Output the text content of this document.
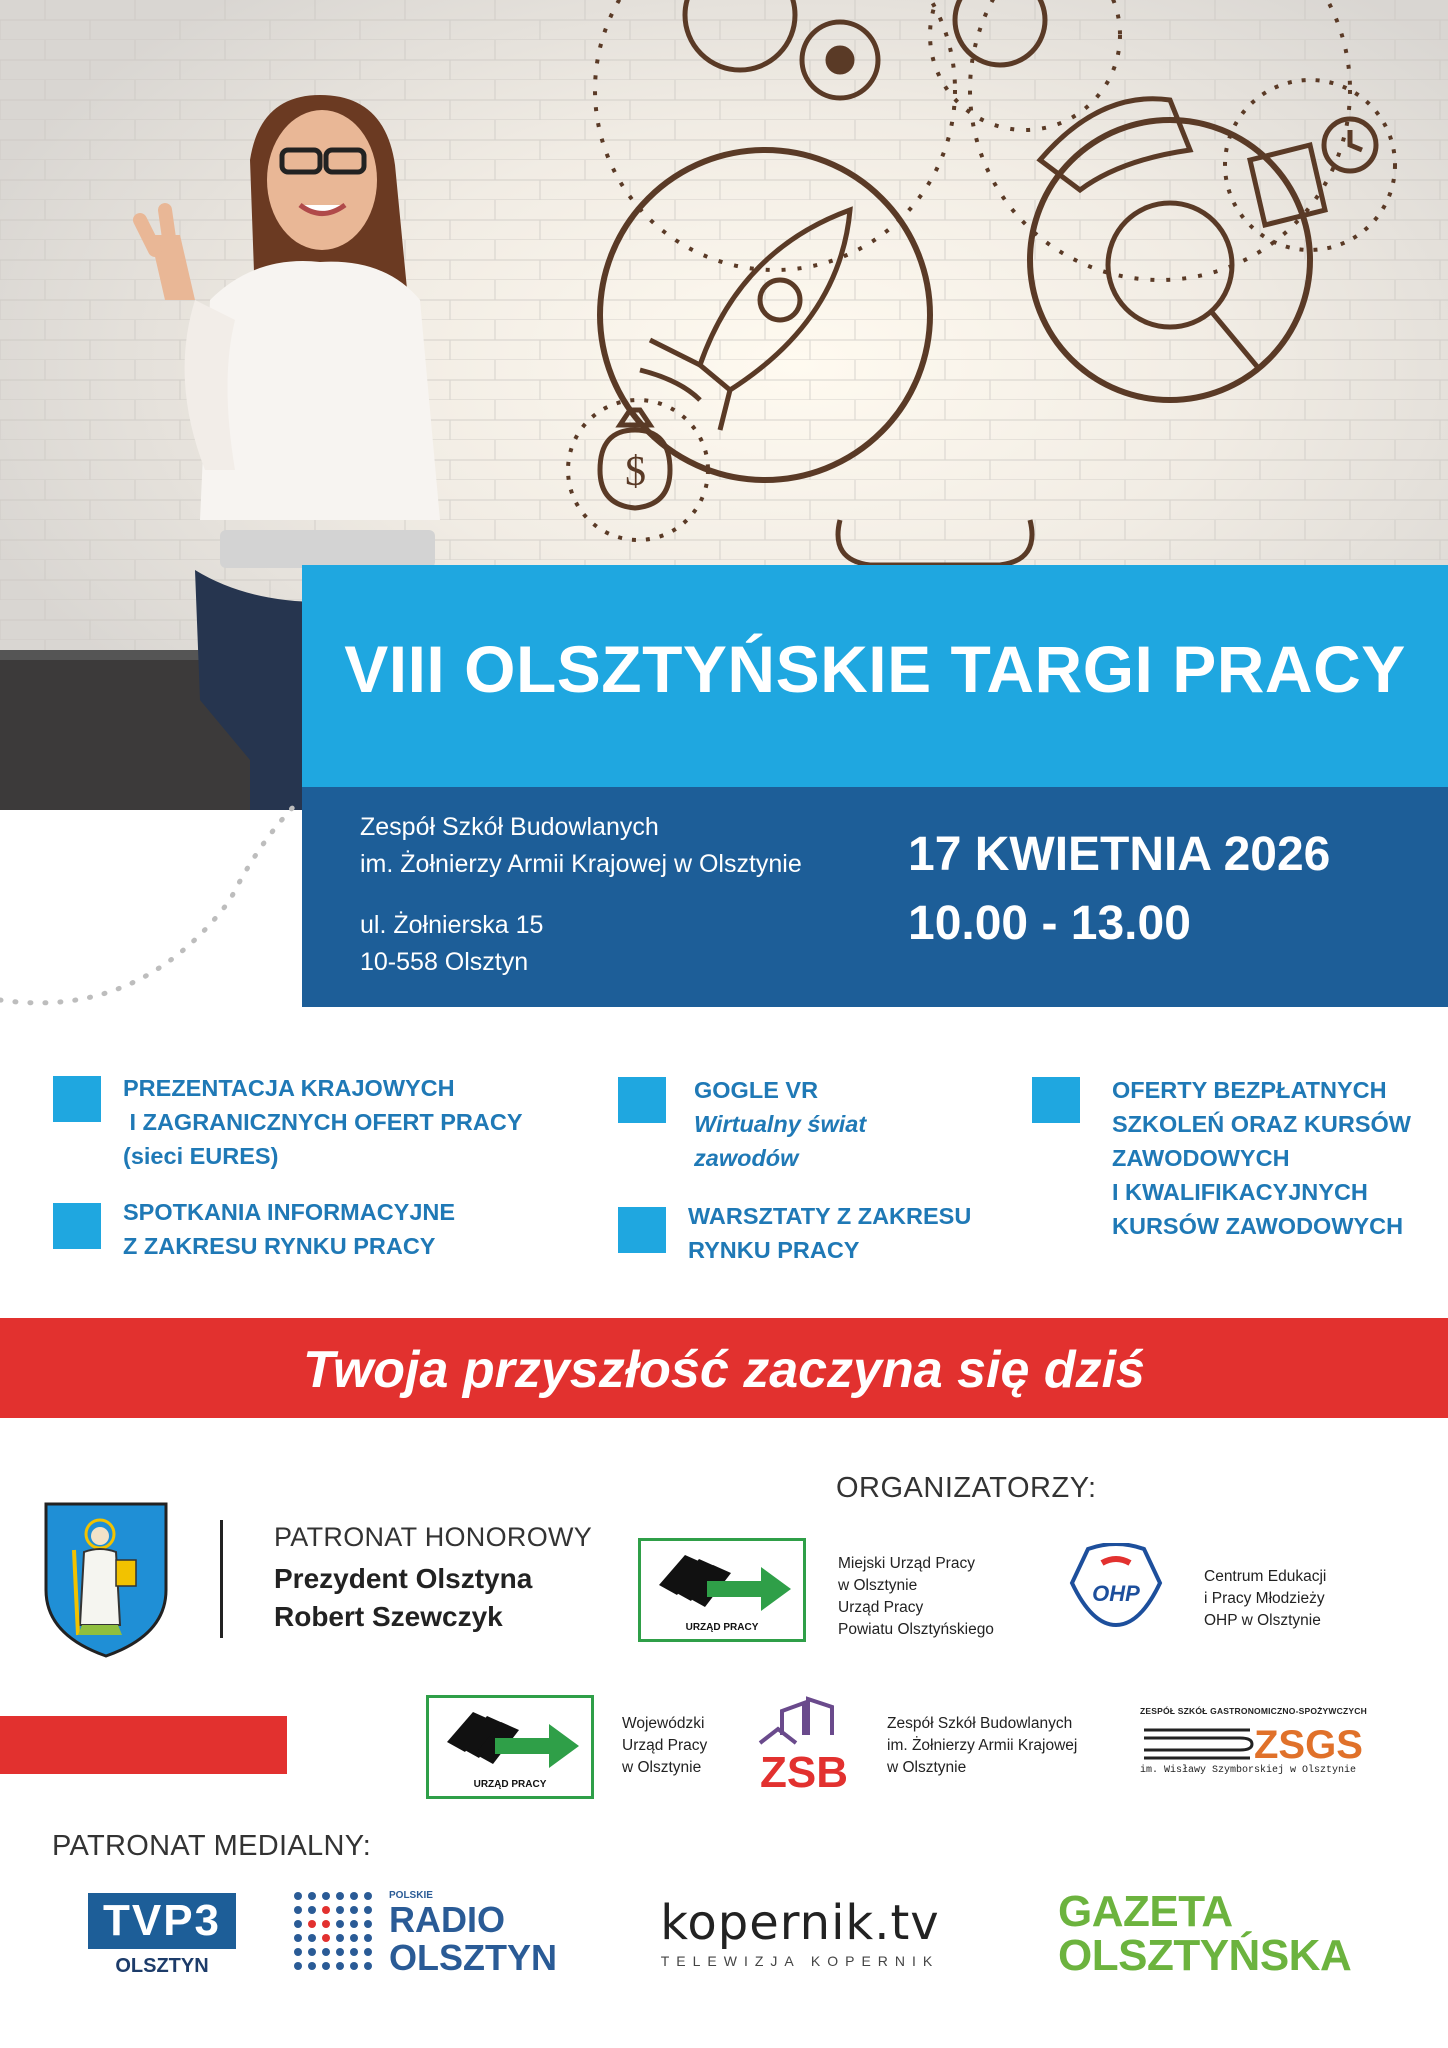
$
VIII OLSZTYŃSKIE TARGI PRACY
Zespół Szkół Budowlanych
im. Żołnierzy Armii Krajowej w Olsztynie
ul. Żołnierska 15
10-558 Olsztyn
17 KWIETNIA 2026
10.00 - 13.00
PREZENTACJA KRAJOWYCH
I ZAGRANICZNYCH OFERT PRACY
(sieci EURES)
SPOTKANIA INFORMACYJNE
Z ZAKRESU RYNKU PRACY
GOGLE VR
Wirtualny świat
zawodów
WARSZTATY Z ZAKRESU
RYNKU PRACY
OFERTY BEZPŁATNYCH
SZKOLEŃ ORAZ KURSÓW
ZAWODOWYCH
I KWALIFIKACYJNYCH
KURSÓW ZAWODOWYCH
Twoja przyszłość zaczyna się dziś
PATRONAT HONOROWY
Prezydent Olsztyna
Robert Szewczyk
ORGANIZATORZY:
URZĄD PRACY
Miejski Urząd Pracy
w Olsztynie
Urząd Pracy
Powiatu Olsztyńskiego
OHP
Centrum Edukacji
i Pracy Młodzieży
OHP w Olsztynie
URZĄD PRACY
Wojewódzki
Urząd Pracy
w Olsztynie ZSB
Zespół Szkół Budowlanych
im. Żołnierzy Armii Krajowej
w Olsztynie
ZESPÓŁ SZKÓŁ GASTRONOMICZNO-SPOŻYWCZYCH
ZSGS
im. Wisławy Szymborskiej w Olsztynie
PATRONAT MEDIALNY:
TVP3
OLSZTYN
POLSKIE
RADIO
OLSZTYN
kopernik.tv
TELEWIZJA KOPERNIK
GAZETA
OLSZTYŃSKA
